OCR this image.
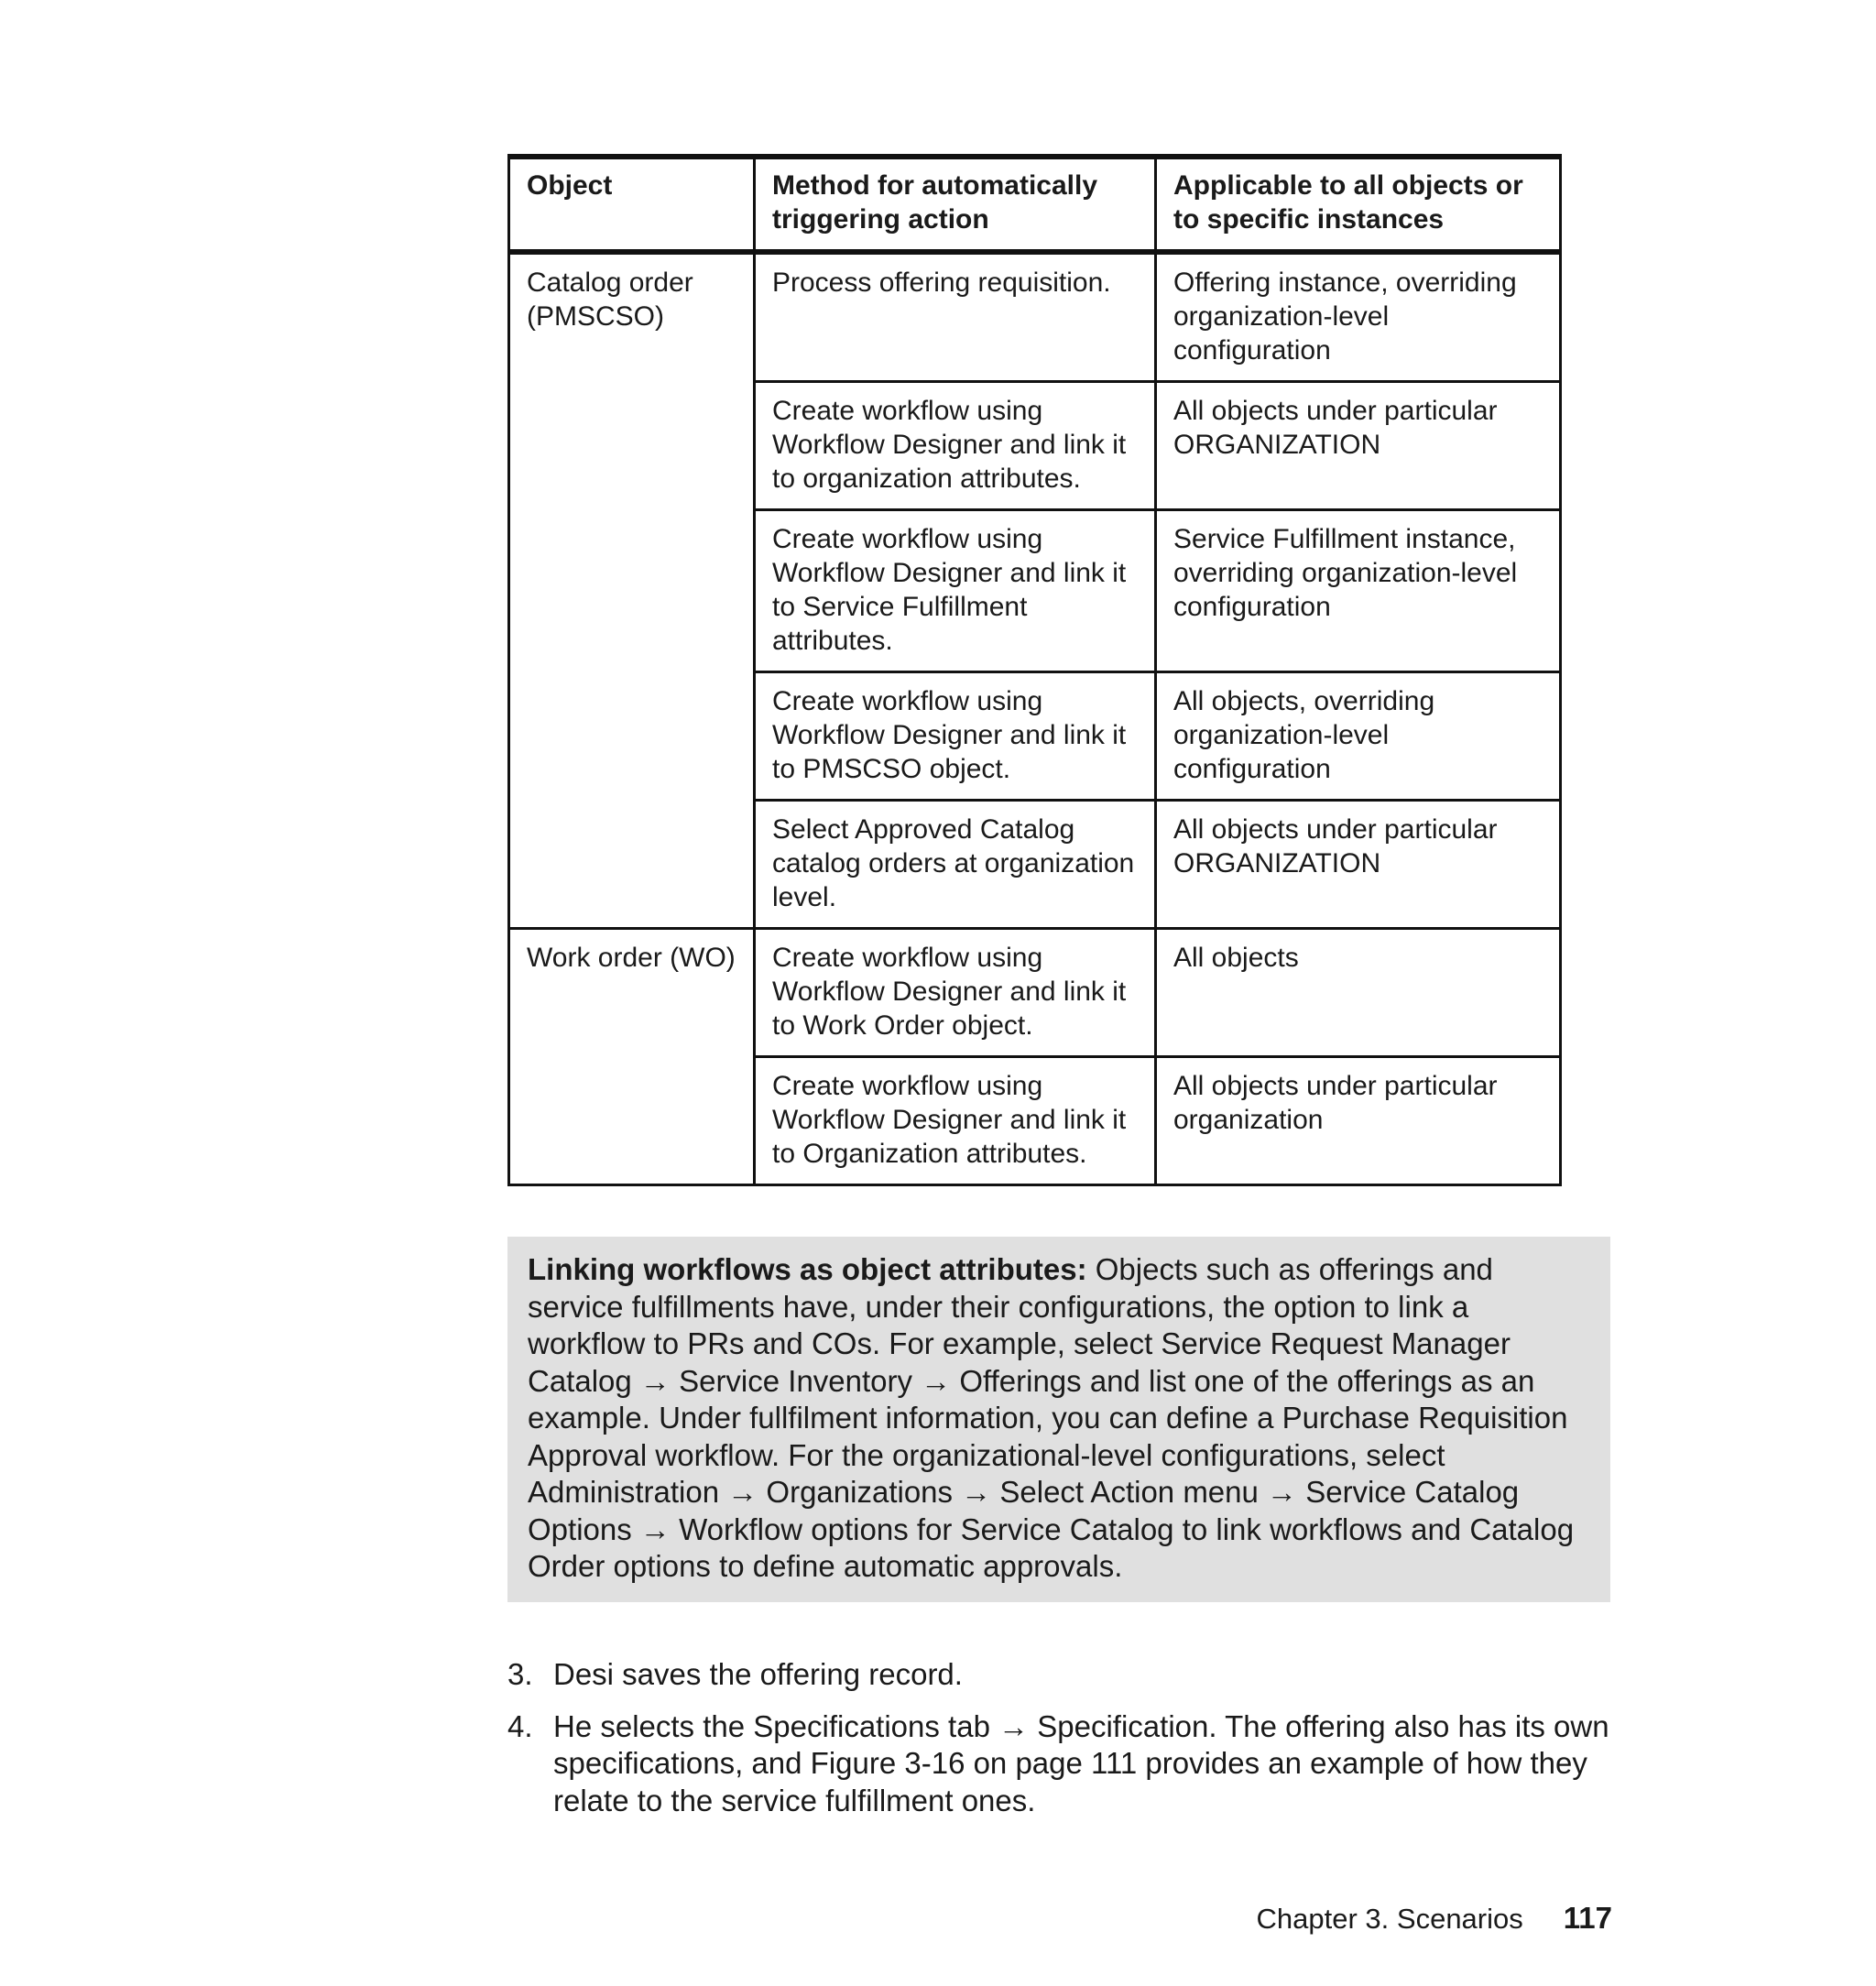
Object	Method for automatically triggering action	Applicable to all objects or to specific instances
Catalog order (PMSCSO)	Process offering requisition.	Offering instance, overriding organization-level configuration
	Create workflow using Workflow Designer and link it to organization attributes.	All objects under particular ORGANIZATION
	Create workflow using Workflow Designer and link it to Service Fulfillment attributes.	Service Fulfillment instance, overriding organization-level configuration
	Create workflow using Workflow Designer and link it to PMSCSO object.	All objects, overriding organization-level configuration
	Select Approved Catalog catalog orders at organization level.	All objects under particular ORGANIZATION
Work order (WO)	Create workflow using Workflow Designer and link it to Work Order object.	All objects
	Create workflow using Workflow Designer and link it to Organization attributes.	All objects under particular organization
Linking workflows as object attributes: Objects such as offerings and service fulfillments have, under their configurations, the option to link a workflow to PRs and COs. For example, select Service Request Manager Catalog → Service Inventory → Offerings and list one of the offerings as an example. Under fullfilment information, you can define a Purchase Requisition Approval workflow. For the organizational-level configurations, select Administration → Organizations → Select Action menu → Service Catalog Options → Workflow options for Service Catalog to link workflows and Catalog Order options to define automatic approvals.
3. Desi saves the offering record.
4. He selects the Specifications tab → Specification. The offering also has its own specifications, and Figure 3-16 on page 111 provides an example of how they relate to the service fulfillment ones.
Chapter 3. Scenarios 117
